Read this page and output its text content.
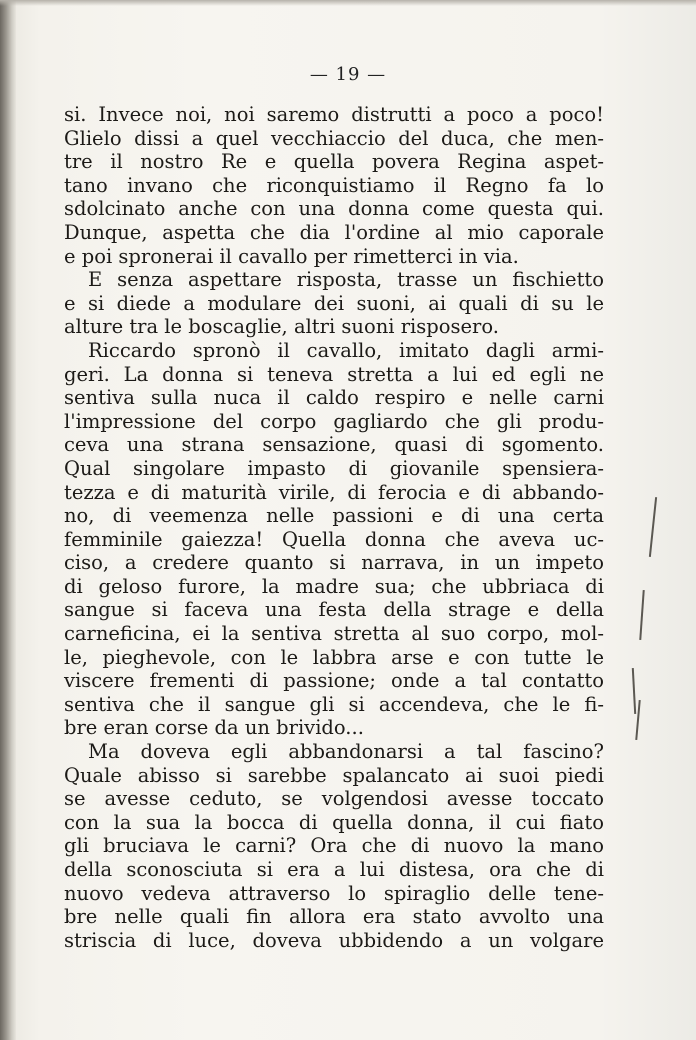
— 19 —
si. Invece noi, noi saremo distrutti a poco a poco!
Glielo dissi a quel vecchiaccio del duca, che men-
tre il nostro Re e quella povera Regina aspet-
tano invano che riconquistiamo il Regno fa lo
sdolcinato anche con una donna come questa qui.
Dunque, aspetta che dia l'ordine al mio caporale
e poi spronerai il cavallo per rimetterci in via.
E senza aspettare risposta, trasse un fischietto
e si diede a modulare dei suoni, ai quali di su le
alture tra le boscaglie, altri suoni risposero.
Riccardo spronò il cavallo, imitato dagli armi-
geri. La donna si teneva stretta a lui ed egli ne
sentiva sulla nuca il caldo respiro e nelle carni
l'impressione del corpo gagliardo che gli produ-
ceva una strana sensazione, quasi di sgomento.
Qual singolare impasto di giovanile spensiera-
tezza e di maturità virile, di ferocia e di abbando-
no, di veemenza nelle passioni e di una certa
femminile gaiezza! Quella donna che aveva uc-
ciso, a credere quanto si narrava, in un impeto
di geloso furore, la madre sua; che ubbriaca di
sangue si faceva una festa della strage e della
carneficina, ei la sentiva stretta al suo corpo, mol-
le, pieghevole, con le labbra arse e con tutte le
viscere frementi di passione; onde a tal contatto
sentiva che il sangue gli si accendeva, che le fi-
bre eran corse da un brivido...
Ma doveva egli abbandonarsi a tal fascino?
Quale abisso si sarebbe spalancato ai suoi piedi
se avesse ceduto, se volgendosi avesse toccato
con la sua la bocca di quella donna, il cui fiato
gli bruciava le carni? Ora che di nuovo la mano
della sconosciuta si era a lui distesa, ora che di
nuovo vedeva attraverso lo spiraglio delle tene-
bre nelle quali fin allora era stato avvolto una
striscia di luce, doveva ubbidendo a un volgare
